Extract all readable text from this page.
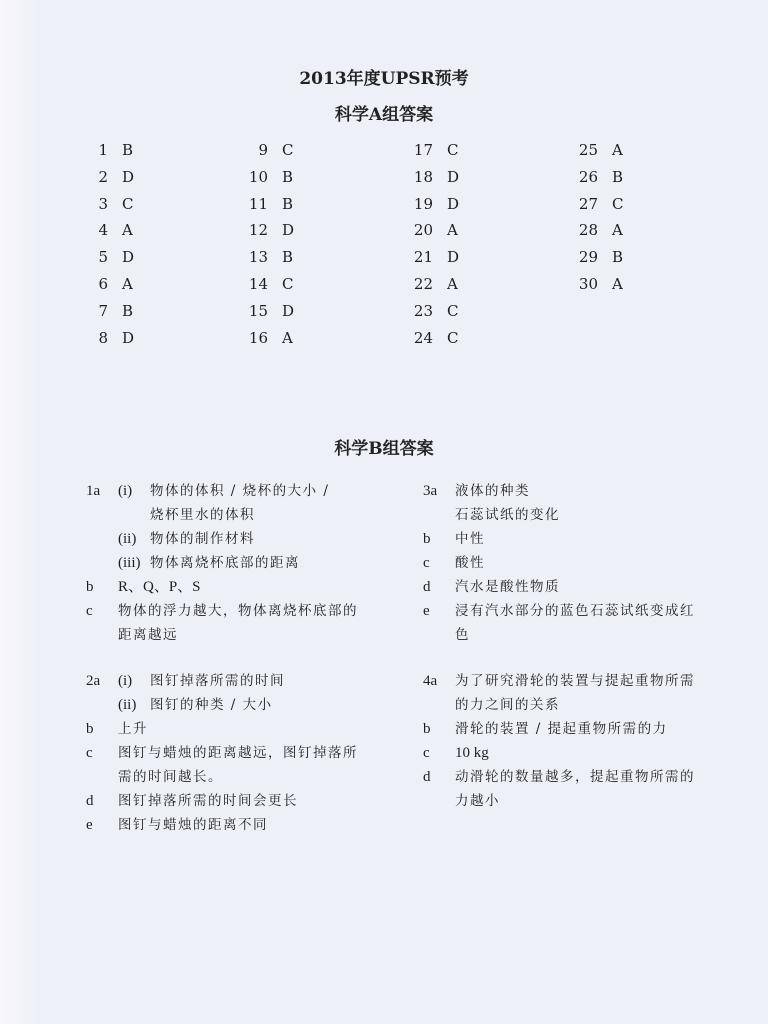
2013年度UPSR预考
科学A组答案
1 B
2 D
3 C
4 A
5 D
6 A
7 B
8 D
9 C
10 B
11 B
12 D
13 B
14 C
15 D
16 A
17 C
18 D
19 D
20 A
21 D
22 A
23 C
24 C
25 A
26 B
27 C
28 A
29 B
30 A
科学B组答案
1a	(i)	物体的体积 / 烧杯的大小 /
烧杯里水的体积
(ii)	物体的制作材料
(iii) 物体离烧杯底部的距离
b	R、Q、P、S
c	物体的浮力越大，物体离烧杯底部的
距离越远
2a	(i)	图钉掉落所需的时间
(ii)	图钉的种类 / 大小
b	上升
c	图钉与蜡烛的距离越远，图钉掉落所
需的时间越长。
d	图钉掉落所需的时间会更长
e	图钉与蜡烛的距离不同
3a	液体的种类
石蕊试纸的变化
b	中性
c	酸性
d	汽水是酸性物质
e	浸有汽水部分的蓝色石蕊试纸变成红
色
4a	为了研究滑轮的装置与提起重物所需
的力之间的关系
b	滑轮的装置 / 提起重物所需的力
c	10 kg
d	动滑轮的数量越多，提起重物所需的
力越小
